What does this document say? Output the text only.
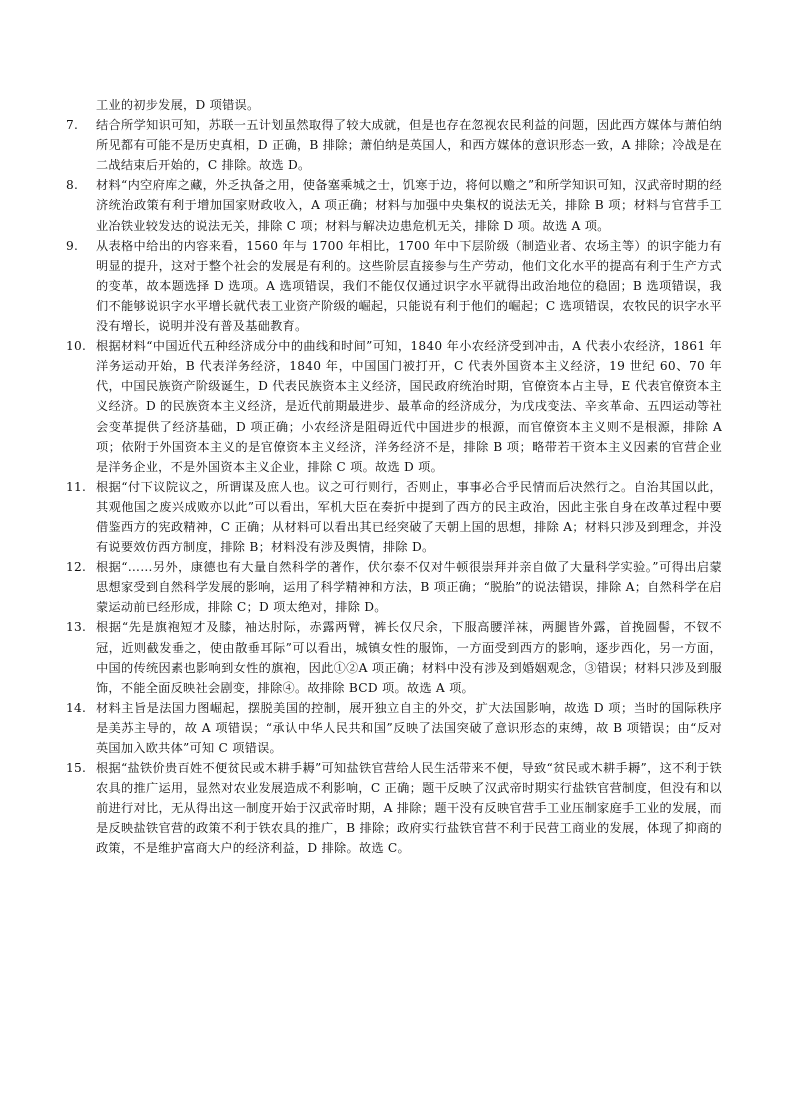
工业的初步发展，D 项错误。
7. 结合所学知识可知，苏联一五计划虽然取得了较大成就，但是也存在忽视农民利益的问题，因此西方媒体与萧伯纳所见都有可能不是历史真相，D 正确，B 排除；萧伯纳是英国人，和西方媒体的意识形态一致，A 排除；冷战是在二战结束后开始的，C 排除。故选 D。
8. 材料“内空府库之藏，外乏执备之用，使备塞乘城之士，饥寒于边，将何以赡之”和所学知识可知，汉武帝时期的经济统治政策有利于增加国家财政收入，A 项正确；材料与加强中央集权的说法无关，排除 B 项；材料与官营手工业冶铁业较发达的说法无关，排除 C 项；材料与解决边患危机无关，排除 D 项。故选 A 项。
9. 从表格中给出的内容来看，1560 年与 1700 年相比，1700 年中下层阶级（制造业者、农场主等）的识字能力有明显的提升，这对于整个社会的发展是有利的。这些阶层直接参与生产劳动，他们文化水平的提高有利于生产方式的变革，故本题选择 D 选项。A 选项错误，我们不能仅仅通过识字水平就得出政治地位的稳固；B 选项错误，我们不能够说识字水平增长就代表工业资产阶级的崛起，只能说有利于他们的崛起；C 选项错误，农牧民的识字水平没有增长，说明并没有普及基础教育。
10. 根据材料“中国近代五种经济成分中的曲线和时间”可知，1840 年小农经济受到冲击，A 代表小农经济，1861 年洋务运动开始，B 代表洋务经济，1840 年，中国国门被打开，C 代表外国资本主义经济，19 世纪 60、70 年代，中国民族资产阶级诞生，D 代表民族资本主义经济，国民政府统治时期，官僚资本占主导，E 代表官僚资本主义经济。D 的民族资本主义经济，是近代前期最进步、最革命的经济成分，为戊戌变法、辛亥革命、五四运动等社会变革提供了经济基础，D 项正确；小农经济是阻碍近代中国进步的根源，而官僚资本主义则不是根源，排除 A 项；依附于外国资本主义的是官僚资本主义经济，洋务经济不是，排除 B 项；略带若干资本主义因素的官营企业是洋务企业，不是外国资本主义企业，排除 C 项。故选 D 项。
11. 根据“付下议院议之，所谓谋及庶人也。议之可行则行，否则止，事事必合乎民情而后决然行之。自治其国以此，其观他国之废兴成败亦以此”可以看出，军机大臣在奏折中提到了西方的民主政治，因此主张自身在改革过程中要借鉴西方的宪政精神，C 正确；从材料可以看出其已经突破了天朝上国的思想，排除 A；材料只涉及到理念，并没有说要效仿西方制度，排除 B；材料没有涉及舆情，排除 D。
12. 根据“……另外，康德也有大量自然科学的著作，伏尔泰不仅对牛顿很崇拜并亲自做了大量科学实验。”可得出启蒙思想家受到自然科学发展的影响，运用了科学精神和方法，B 项正确；“脱胎”的说法错误，排除 A；自然科学在启蒙运动前已经形成，排除 C；D 项太绝对，排除 D。
13. 根据“先是旗袍短才及膝，袖达肘际，赤露两臂，裤长仅尺余，下服高腰洋袜，两腿皆外露，首挽圆髻，不钗不冠，近则截发垂之，使由散垂耳际”可以看出，城镇女性的服饰，一方面受到西方的影响，逐步西化，另一方面，中国的传统因素也影响到女性的旗袍，因此①②A 项正确；材料中没有涉及到婚姻观念，③错误；材料只涉及到服饰，不能全面反映社会剧变，排除④。故排除 BCD 项。故选 A 项。
14. 材料主旨是法国力图崛起，摆脱美国的控制，展开独立自主的外交，扩大法国影响，故选 D 项；当时的国际秩序是美苏主导的，故 A 项错误；“承认中华人民共和国”反映了法国突破了意识形态的束缚，故 B 项错误；由“反对英国加入欧共体”可知 C 项错误。
15. 根据“盐铁价贵百姓不便贫民或木耕手耨”可知盐铁官营给人民生活带来不便，导致“贫民或木耕手耨”，这不利于铁农具的推广运用，显然对农业发展造成不利影响，C 正确；题干反映了汉武帝时期实行盐铁官营制度，但没有和以前进行对比，无从得出这一制度开始于汉武帝时期，A 排除；题干没有反映官营手工业压制家庭手工业的发展，而是反映盐铁官营的政策不利于铁农具的推广，B 排除；政府实行盐铁官营不利于民营工商业的发展，体现了抑商的政策，不是维护富商大户的经济利益，D 排除。故选 C。
